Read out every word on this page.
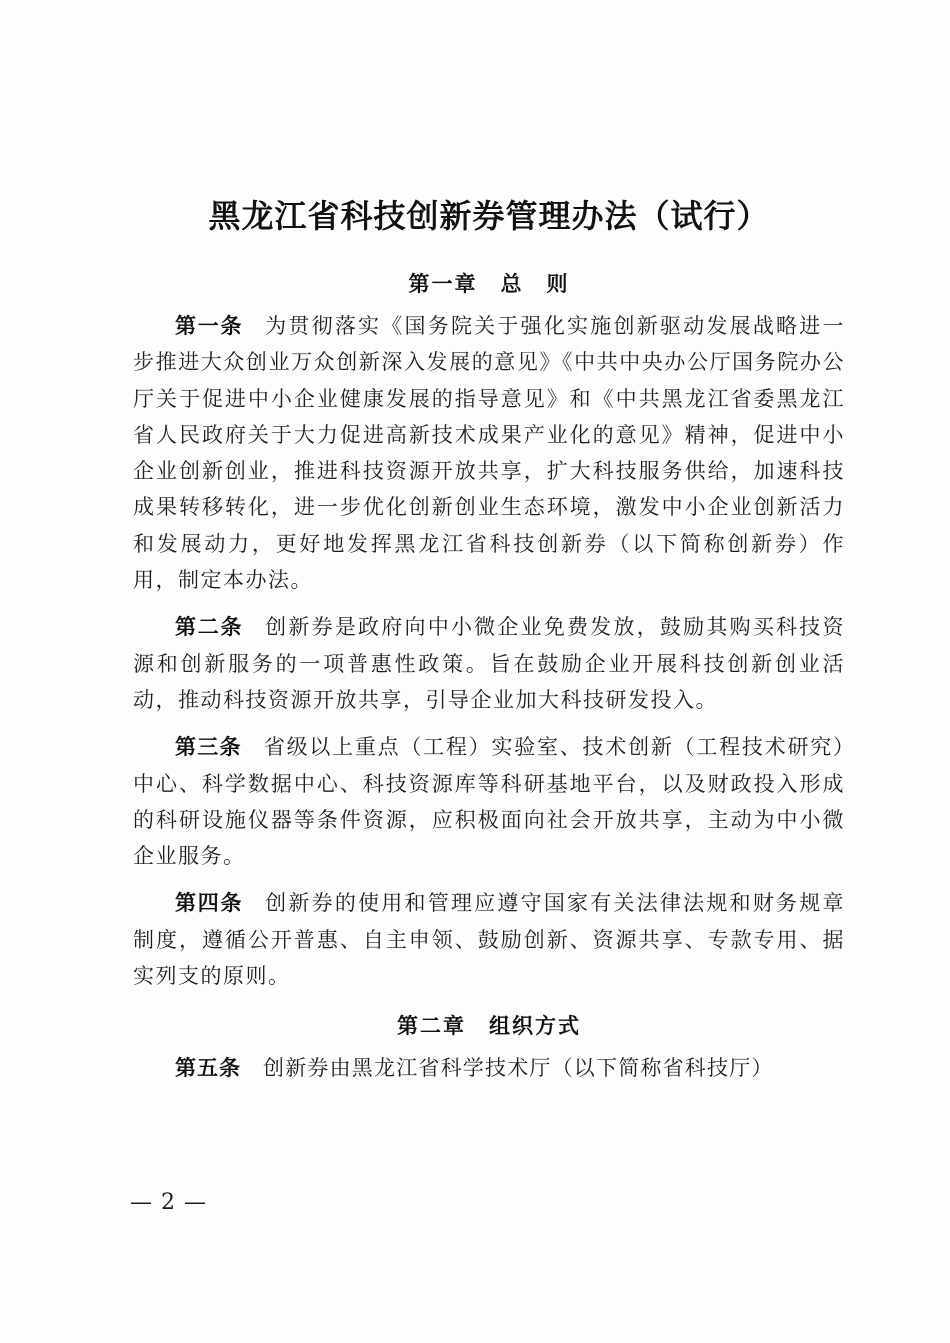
黑龙江省科技创新券管理办法（试行）
第一章　总　则

第一条 为贯彻落实《国务院关于强化实施创新驱动发展战略进一步推进大众创业万众创新深入发展的意见》《中共中央办公厅国务院办公厅关于促进中小企业健康发展的指导意见》和《中共黑龙江省委黑龙江省人民政府关于大力促进高新技术成果产业化的意见》精神，促进中小企业创新创业，推进科技资源开放共享，扩大科技服务供给，加速科技成果转移转化，进一步优化创新创业生态环境，激发中小企业创新活力和发展动力，更好地发挥黑龙江省科技创新券（以下简称创新券）作用，制定本办法。

第二条 创新券是政府向中小微企业免费发放，鼓励其购买科技资源和创新服务的一项普惠性政策。旨在鼓励企业开展科技创新创业活动，推动科技资源开放共享，引导企业加大科技研发投入。

第三条 省级以上重点（工程）实验室、技术创新（工程技术研究）中心、科学数据中心、科技资源库等科研基地平台，以及财政投入形成的科研设施仪器等条件资源，应积极面向社会开放共享，主动为中小微企业服务。

第四条 创新券的使用和管理应遵守国家有关法律法规和财务规章制度，遵循公开普惠、自主申领、鼓励创新、资源共享、专款专用、据实列支的原则。

第二章　组织方式

第五条 创新券由黑龙江省科学技术厅（以下简称省科技厅）

— 2 —
